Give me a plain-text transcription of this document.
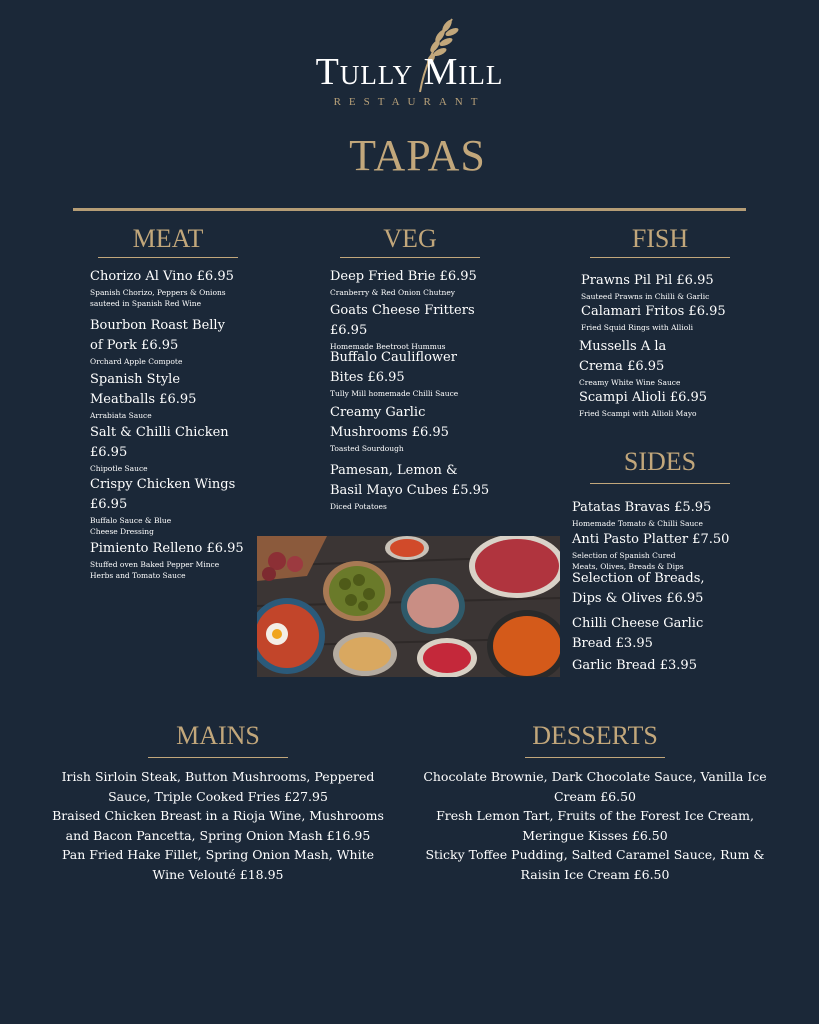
Tully Mill
RESTAURANT
TAPAS
MEAT
Chorizo Al Vino £6.95
Spanish Chorizo, Peppers & Onions sauteed in Spanish Red Wine
Bourbon Roast Belly of Pork £6.95
Orchard Apple Compote
Spanish Style Meatballs £6.95
Arrabiata Sauce
Salt & Chilli Chicken £6.95
Chipotle Sauce
Crispy Chicken Wings £6.95
Buffalo Sauce & Blue Cheese Dressing
Pimiento Relleno £6.95
Stuffed oven Baked Pepper Mince Herbs and Tomato Sauce
VEG
Deep Fried Brie £6.95
Cranberry & Red Onion Chutney
Goats Cheese Fritters £6.95
Homemade Beetroot Hummus
Buffalo Cauliflower Bites £6.95
Tully Mill homemade Chilli Sauce
Creamy Garlic Mushrooms £6.95
Toasted Sourdough
Pamesan, Lemon & Basil Mayo Cubes £5.95
Diced Potatoes
FISH
Prawns Pil Pil £6.95
Sauteed Prawns in Chilli & Garlic
Calamari Fritos £6.95
Fried Squid Rings with Allioli
Mussells A la Crema £6.95
Creamy White Wine Sauce
Scampi Alioli £6.95
Fried Scampi with Allioli Mayo
SIDES
Patatas Bravas £5.95
Homemade Tomato & Chilli Sauce
Anti Pasto Platter £7.50
Selection of Spanish Cured Meats, Olives, Breads & Dips
Selection of Breads, Dips & Olives £6.95
Chilli Cheese Garlic Bread £3.95
Garlic Bread £3.95
MAINS
Irish Sirloin Steak, Button Mushrooms, Peppered Sauce, Triple Cooked Fries £27.95
Braised Chicken Breast in a Rioja Wine, Mushrooms and Bacon Pancetta, Spring Onion Mash £16.95
Pan Fried Hake Fillet, Spring Onion Mash, White Wine Velouté £18.95
DESSERTS
Chocolate Brownie, Dark Chocolate Sauce, Vanilla Ice Cream £6.50
Fresh Lemon Tart, Fruits of the Forest Ice Cream, Meringue Kisses £6.50
Sticky Toffee Pudding, Salted Caramel Sauce, Rum & Raisin Ice Cream £6.50
